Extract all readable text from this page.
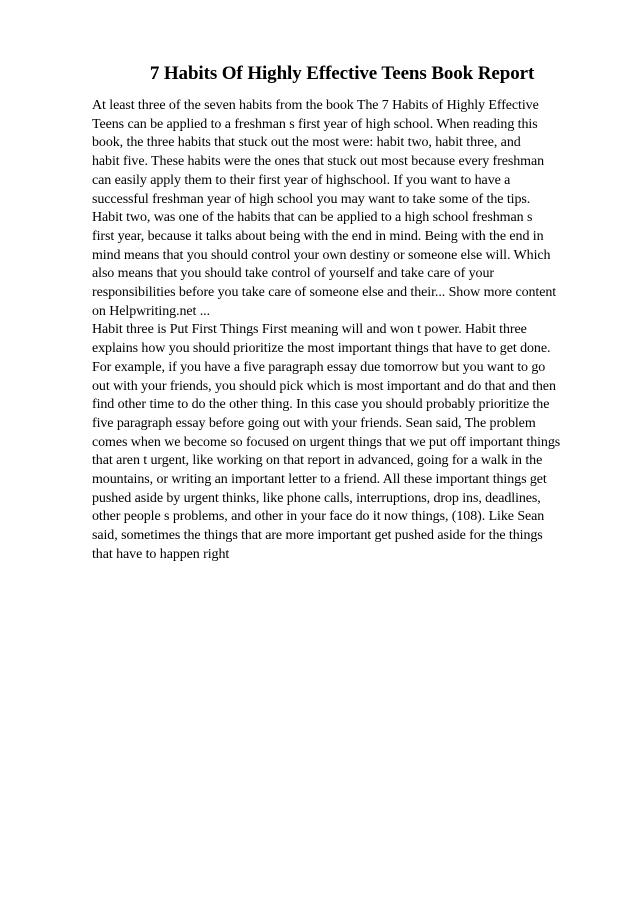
7 Habits Of Highly Effective Teens Book Report
At least three of the seven habits from the book The 7 Habits of Highly Effective
Teens can be applied to a freshman s first year of high school. When reading this
book, the three habits that stuck out the most were: habit two, habit three, and
habit five. These habits were the ones that stuck out most because every freshman
can easily apply them to their first year of highschool. If you want to have a
successful freshman year of high school you may want to take some of the tips.
Habit two, was one of the habits that can be applied to a high school freshman s
first year, because it talks about being with the end in mind. Being with the end in
mind means that you should control your own destiny or someone else will. Which
also means that you should take control of yourself and take care of your
responsibilities before you take care of someone else and their... Show more content
on Helpwriting.net ...
Habit three is Put First Things First meaning will and won t power. Habit three
explains how you should prioritize the most important things that have to get done.
For example, if you have a five paragraph essay due tomorrow but you want to go
out with your friends, you should pick which is most important and do that and then
find other time to do the other thing. In this case you should probably prioritize the
five paragraph essay before going out with your friends. Sean said, The problem
comes when we become so focused on urgent things that we put off important things
that aren t urgent, like working on that report in advanced, going for a walk in the
mountains, or writing an important letter to a friend. All these important things get
pushed aside by urgent thinks, like phone calls, interruptions, drop ins, deadlines,
other people s problems, and other in your face do it now things, (108). Like Sean
said, sometimes the things that are more important get pushed aside for the things
that have to happen right
